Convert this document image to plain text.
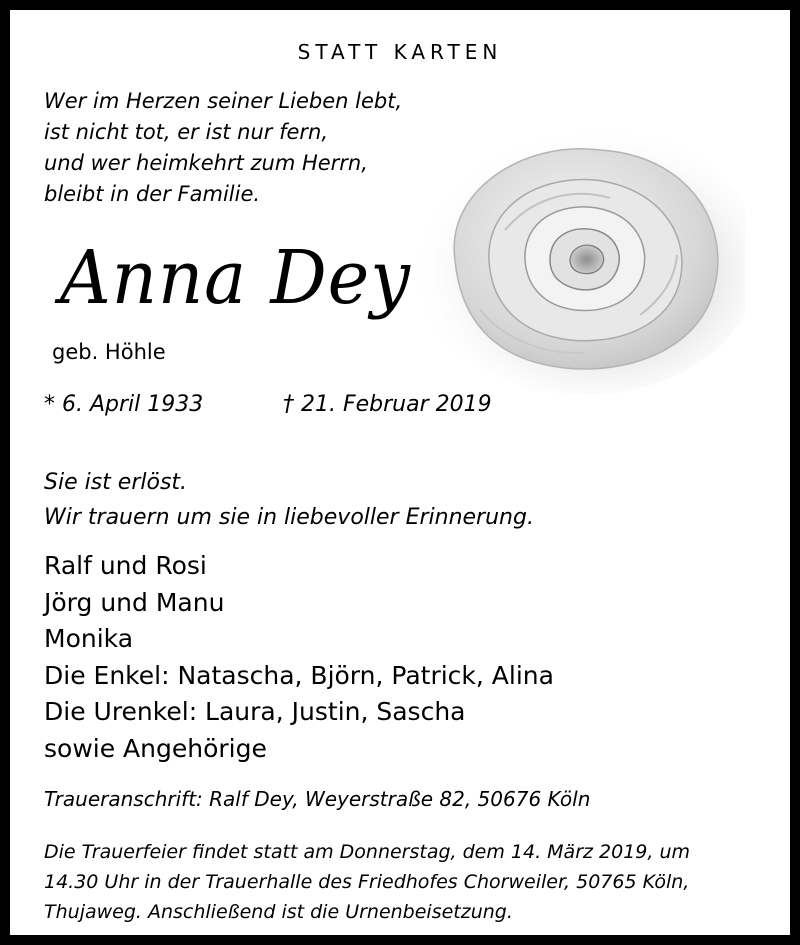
STATT KARTEN
Wer im Herzen seiner Lieben lebt,
ist nicht tot, er ist nur fern,
und wer heimkehrt zum Herrn,
bleibt in der Familie.
Anna Dey
geb. Höhle
* 6. April 1933	† 21. Februar 2019
Sie ist erlöst.
Wir trauern um sie in liebevoller Erinnerung.
Ralf und Rosi
Jörg und Manu
Monika
Die Enkel: Natascha, Björn, Patrick, Alina
Die Urenkel: Laura, Justin, Sascha
sowie Angehörige
Traueranschrift: Ralf Dey, Weyerstraße 82, 50676 Köln
Die Trauerfeier findet statt am Donnerstag, dem 14. März 2019, um
14.30 Uhr in der Trauerhalle des Friedhofes Chorweiler, 50765 Köln,
Thujaweg. Anschließend ist die Urnenbeisetzung.
